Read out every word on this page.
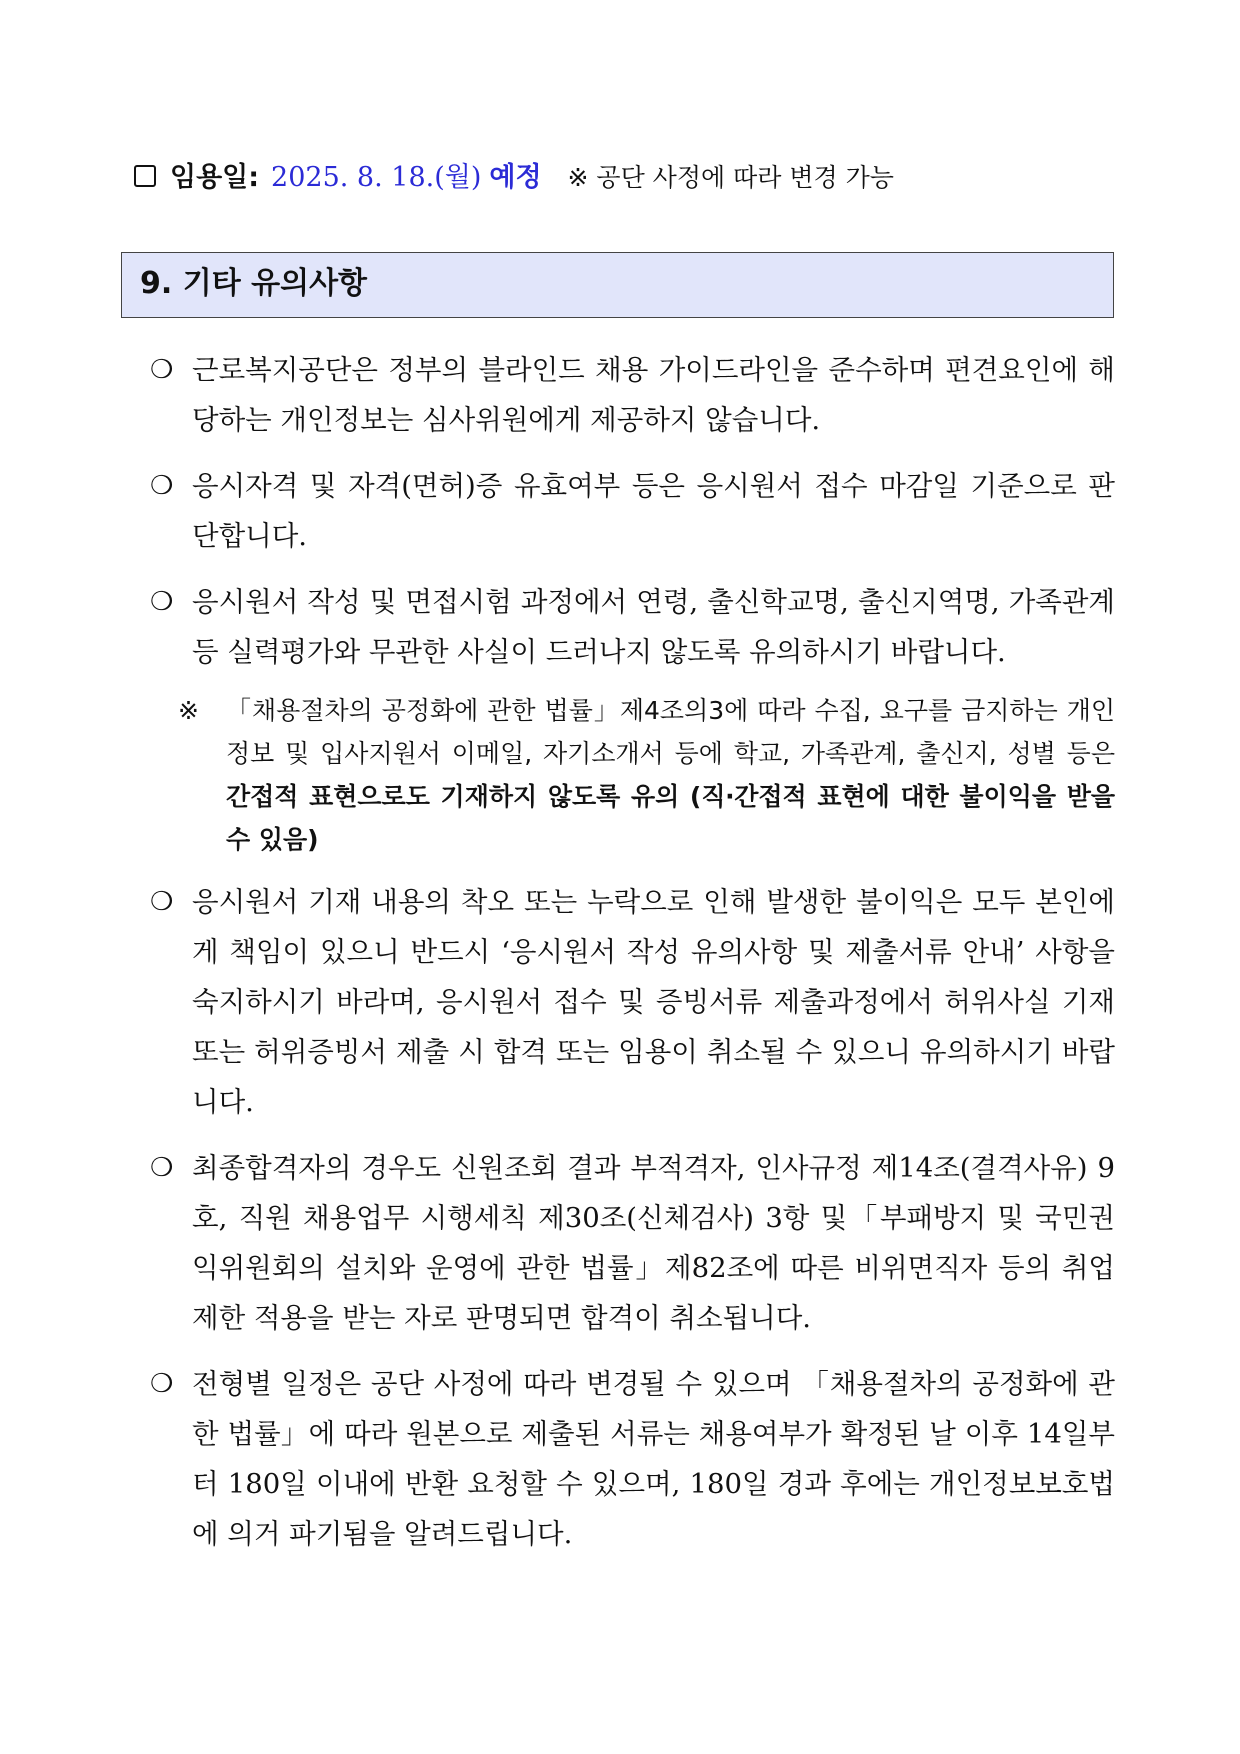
임용일: 2025. 8. 18.(월) 예정 ※ 공단 사정에 따라 변경 가능
9. 기타 유의사항
❍ 근로복지공단은 정부의 블라인드 채용 가이드라인을 준수하며 편견요인에 해당하는 개인정보는 심사위원에게 제공하지 않습니다.
❍ 응시자격 및 자격(면허)증 유효여부 등은 응시원서 접수 마감일 기준으로 판단합니다.
❍ 응시원서 작성 및 면접시험 과정에서 연령, 출신학교명, 출신지역명, 가족관계 등 실력평가와 무관한 사실이 드러나지 않도록 유의하시기 바랍니다.
※ 「채용절차의 공정화에 관한 법률」제4조의3에 따라 수집, 요구를 금지하는 개인정보 및 입사지원서 이메일, 자기소개서 등에 학교, 가족관계, 출신지, 성별 등은 간접적 표현으로도 기재하지 않도록 유의 (직‧간접적 표현에 대한 불이익을 받을 수 있음)
❍ 응시원서 기재 내용의 착오 또는 누락으로 인해 발생한 불이익은 모두 본인에게 책임이 있으니 반드시 ‘응시원서 작성 유의사항 및 제출서류 안내’ 사항을 숙지하시기 바라며, 응시원서 접수 및 증빙서류 제출과정에서 허위사실 기재 또는 허위증빙서 제출 시 합격 또는 임용이 취소될 수 있으니 유의하시기 바랍니다.
❍ 최종합격자의 경우도 신원조회 결과 부적격자, 인사규정 제14조(결격사유) 9호, 직원 채용업무 시행세칙 제30조(신체검사) 3항 및「부패방지 및 국민권익위원회의 설치와 운영에 관한 법률」제82조에 따른 비위면직자 등의 취업제한 적용을 받는 자로 판명되면 합격이 취소됩니다.
❍ 전형별 일정은 공단 사정에 따라 변경될 수 있으며 「채용절차의 공정화에 관한 법률」에 따라 원본으로 제출된 서류는 채용여부가 확정된 날 이후 14일부터 180일 이내에 반환 요청할 수 있으며, 180일 경과 후에는 개인정보보호법에 의거 파기됨을 알려드립니다.
